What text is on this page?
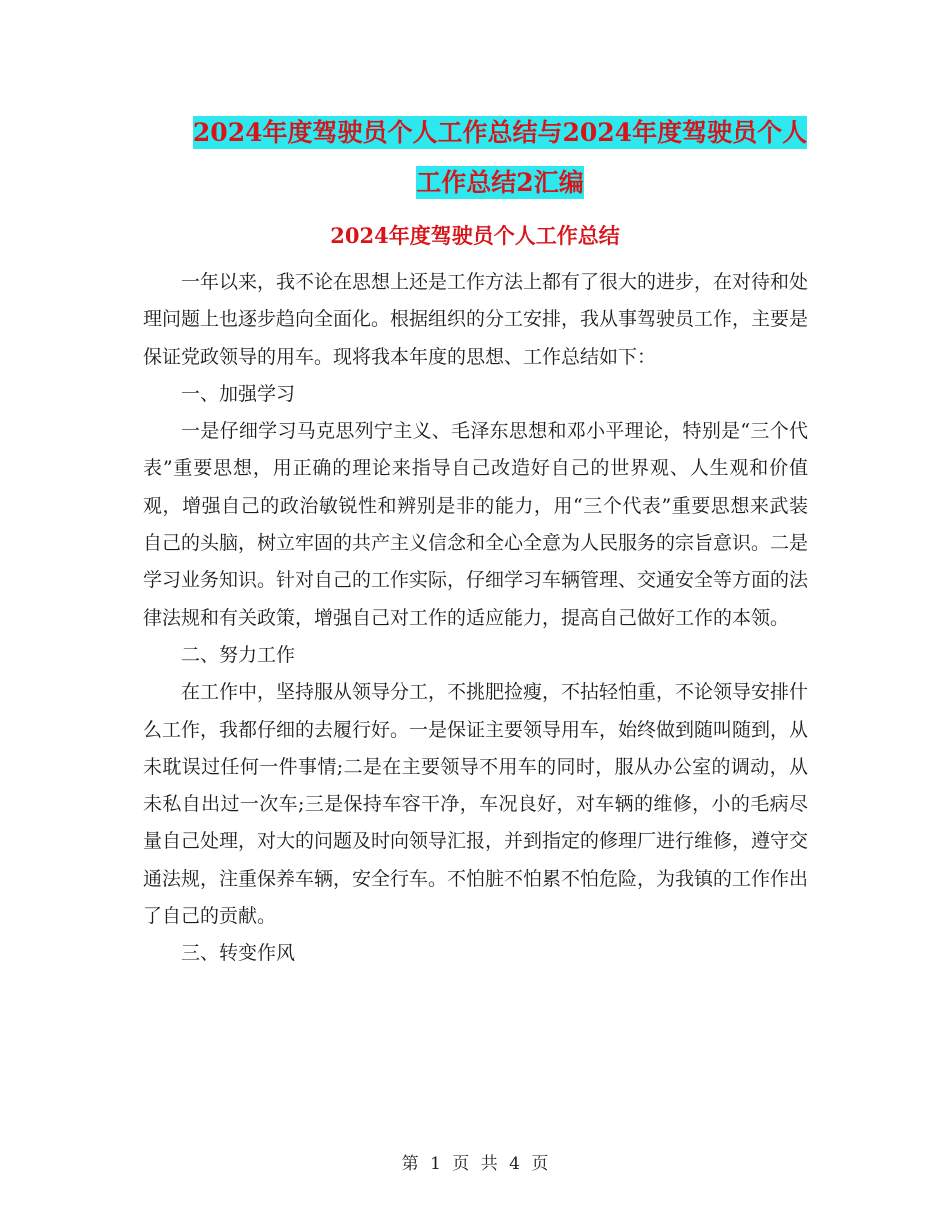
2024年度驾驶员个人工作总结与2024年度驾驶员个人
工作总结2汇编
2024年度驾驶员个人工作总结

一年以来，我不论在思想上还是工作方法上都有了很大的进步，在对待和处理问题上也逐步趋向全面化。根据组织的分工安排，我从事驾驶员工作，主要是保证党政领导的用车。现将我本年度的思想、工作总结如下：

一、加强学习

一是仔细学习马克思列宁主义、毛泽东思想和邓小平理论，特别是“三个代表”重要思想，用正确的理论来指导自己改造好自己的世界观、人生观和价值观，增强自己的政治敏锐性和辨别是非的能力，用“三个代表”重要思想来武装自己的头脑，树立牢固的共产主义信念和全心全意为人民服务的宗旨意识。二是学习业务知识。针对自己的工作实际，仔细学习车辆管理、交通安全等方面的法律法规和有关政策，增强自己对工作的适应能力，提高自己做好工作的本领。

二、努力工作

在工作中，坚持服从领导分工，不挑肥捡瘦，不拈轻怕重，不论领导安排什么工作，我都仔细的去履行好。一是保证主要领导用车，始终做到随叫随到，从未耽误过任何一件事情;二是在主要领导不用车的同时，服从办公室的调动，从未私自出过一次车;三是保持车容干净，车况良好，对车辆的维修，小的毛病尽量自己处理，对大的问题及时向领导汇报，并到指定的修理厂进行维修，遵守交通法规，注重保养车辆，安全行车。不怕脏不怕累不怕危险，为我镇的工作作出了自己的贡献。

三、转变作风

第 1 页 共 4 页
